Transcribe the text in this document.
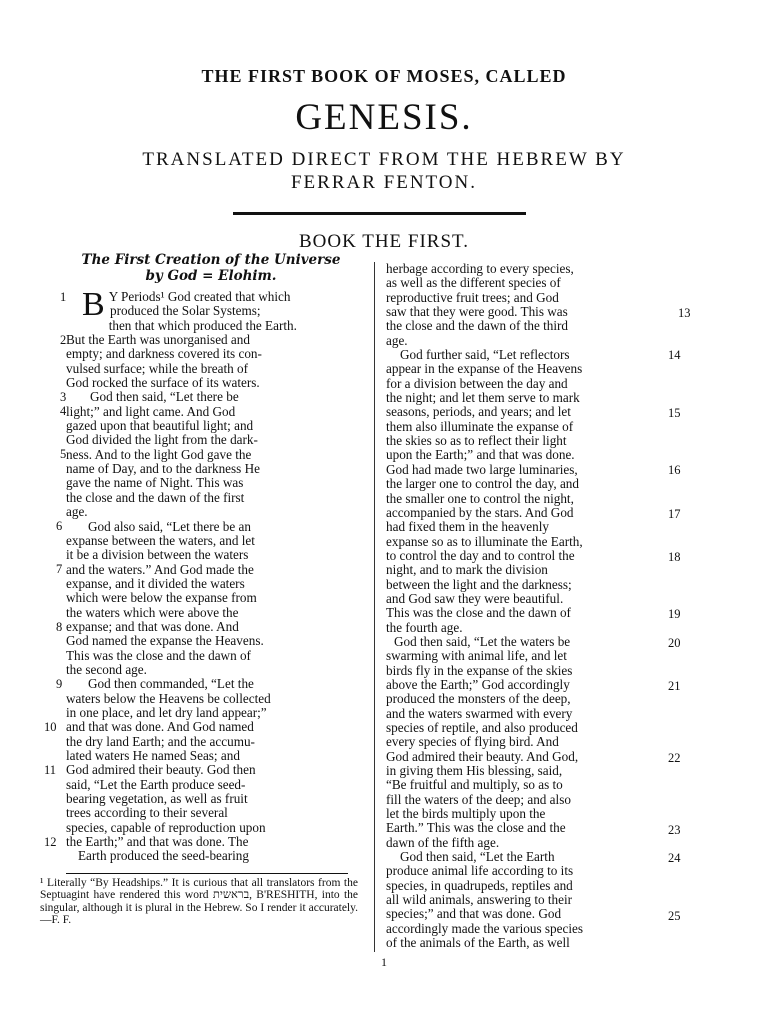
THE FIRST BOOK OF MOSES, CALLED
GENESIS.
TRANSLATED DIRECT FROM THE HEBREW BY
FERRAR FENTON.
BOOK THE FIRST.
The First Creation of the Universe
by God = Elohim.
B Y Periods¹ God created that which
produced the Solar Systems;
then that which produced the Earth.
But the Earth was unorganised and
empty; and darkness covered its con-
vulsed surface; while the breath of
God rocked the surface of its waters.
God then said, “Let there be
light;” and light came. And God
gazed upon that beautiful light; and
God divided the light from the dark-
ness. And to the light God gave the
name of Day, and to the darkness He
gave the name of Night. This was
the close and the dawn of the first
age.
God also said, “Let there be an
expanse between the waters, and let
it be a division between the waters
and the waters.” And God made the
expanse, and it divided the waters
which were below the expanse from
the waters which were above the
expanse; and that was done. And
God named the expanse the Heavens.
This was the close and the dawn of
the second age.
God then commanded, “Let the
waters below the Heavens be collected
in one place, and let dry land appear;”
and that was done. And God named
the dry land Earth; and the accumu-
lated waters He named Seas; and
God admired their beauty. God then
said, “Let the Earth produce seed-
bearing vegetation, as well as fruit
trees according to their several
species, capable of reproduction upon
the Earth;” and that was done. The
Earth produced the seed-bearing
1
2
3
4
5
6
7
8
9
10
11
12
herbage according to every species,
as well as the different species of
reproductive fruit trees; and God
saw that they were good. This was
the close and the dawn of the third
age.
God further said, “Let reflectors
appear in the expanse of the Heavens
for a division between the day and
the night; and let them serve to mark
seasons, periods, and years; and let
them also illuminate the expanse of
the skies so as to reflect their light
upon the Earth;” and that was done.
God had made two large luminaries,
the larger one to control the day, and
the smaller one to control the night,
accompanied by the stars. And God
had fixed them in the heavenly
expanse so as to illuminate the Earth,
to control the day and to control the
night, and to mark the division
between the light and the darkness;
and God saw they were beautiful.
This was the close and the dawn of
the fourth age.
God then said, “Let the waters be
swarming with animal life, and let
birds fly in the expanse of the skies
above the Earth;” God accordingly
produced the monsters of the deep,
and the waters swarmed with every
species of reptile, and also produced
every species of flying bird. And
God admired their beauty. And God,
in giving them His blessing, said,
“Be fruitful and multiply, so as to
fill the waters of the deep; and also
let the birds multiply upon the
Earth.” This was the close and the
dawn of the fifth age.
God then said, “Let the Earth
produce animal life according to its
species, in quadrupeds, reptiles and
all wild animals, answering to their
species;” and that was done. God
accordingly made the various species
of the animals of the Earth, as well
13
14
15
16
17
18
19
20
21
22
23
24
25
¹ Literally “By Headships.” It is curious that all translators from the Septuagint have rendered this word בראשית, B'RESHITH, into the singular, although it is plural in the Hebrew. So I render it accurately.—F. F.
1
